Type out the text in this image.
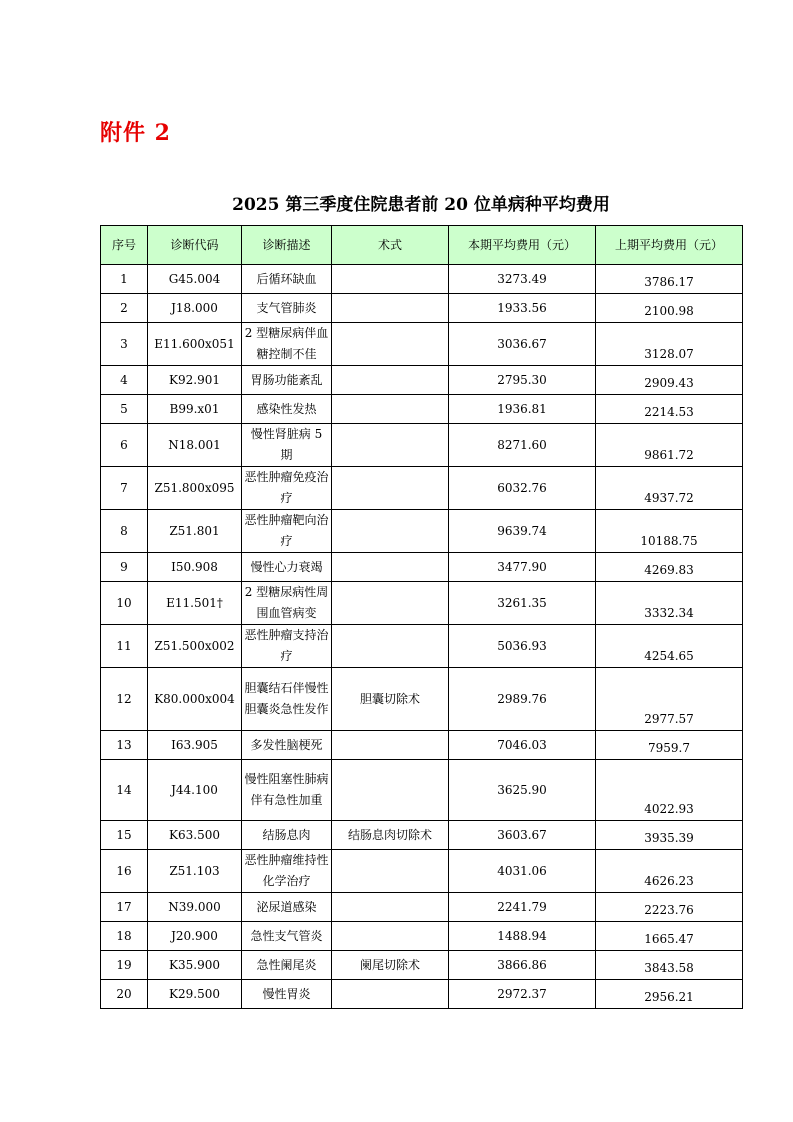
附件 2
2025 第三季度住院患者前 20 位单病种平均费用
序号	诊断代码	诊断描述	术式	本期平均费用（元）	上期平均费用（元）
1	G45.004	后循环缺血		3273.49	3786.17
2	J18.000	支气管肺炎		1933.56	2100.98
3	E11.600x051	2 型糖尿病伴血糖控制不佳		3036.67	3128.07
4	K92.901	胃肠功能紊乱		2795.30	2909.43
5	B99.x01	感染性发热		1936.81	2214.53
6	N18.001	慢性肾脏病 5 期		8271.60	9861.72
7	Z51.800x095	恶性肿瘤免疫治疗		6032.76	4937.72
8	Z51.801	恶性肿瘤靶向治疗		9639.74	10188.75
9	I50.908	慢性心力衰竭		3477.90	4269.83
10	E11.501†	2 型糖尿病性周围血管病变		3261.35	3332.34
11	Z51.500x002	恶性肿瘤支持治疗		5036.93	4254.65
12	K80.000x004	胆囊结石伴慢性胆囊炎急性发作	胆囊切除术	2989.76	2977.57
13	I63.905	多发性脑梗死		7046.03	7959.7
14	J44.100	慢性阻塞性肺病伴有急性加重		3625.90	4022.93
15	K63.500	结肠息肉	结肠息肉切除术	3603.67	3935.39
16	Z51.103	恶性肿瘤维持性化学治疗		4031.06	4626.23
17	N39.000	泌尿道感染		2241.79	2223.76
18	J20.900	急性支气管炎		1488.94	1665.47
19	K35.900	急性阑尾炎	阑尾切除术	3866.86	3843.58
20	K29.500	慢性胃炎		2972.37	2956.21
